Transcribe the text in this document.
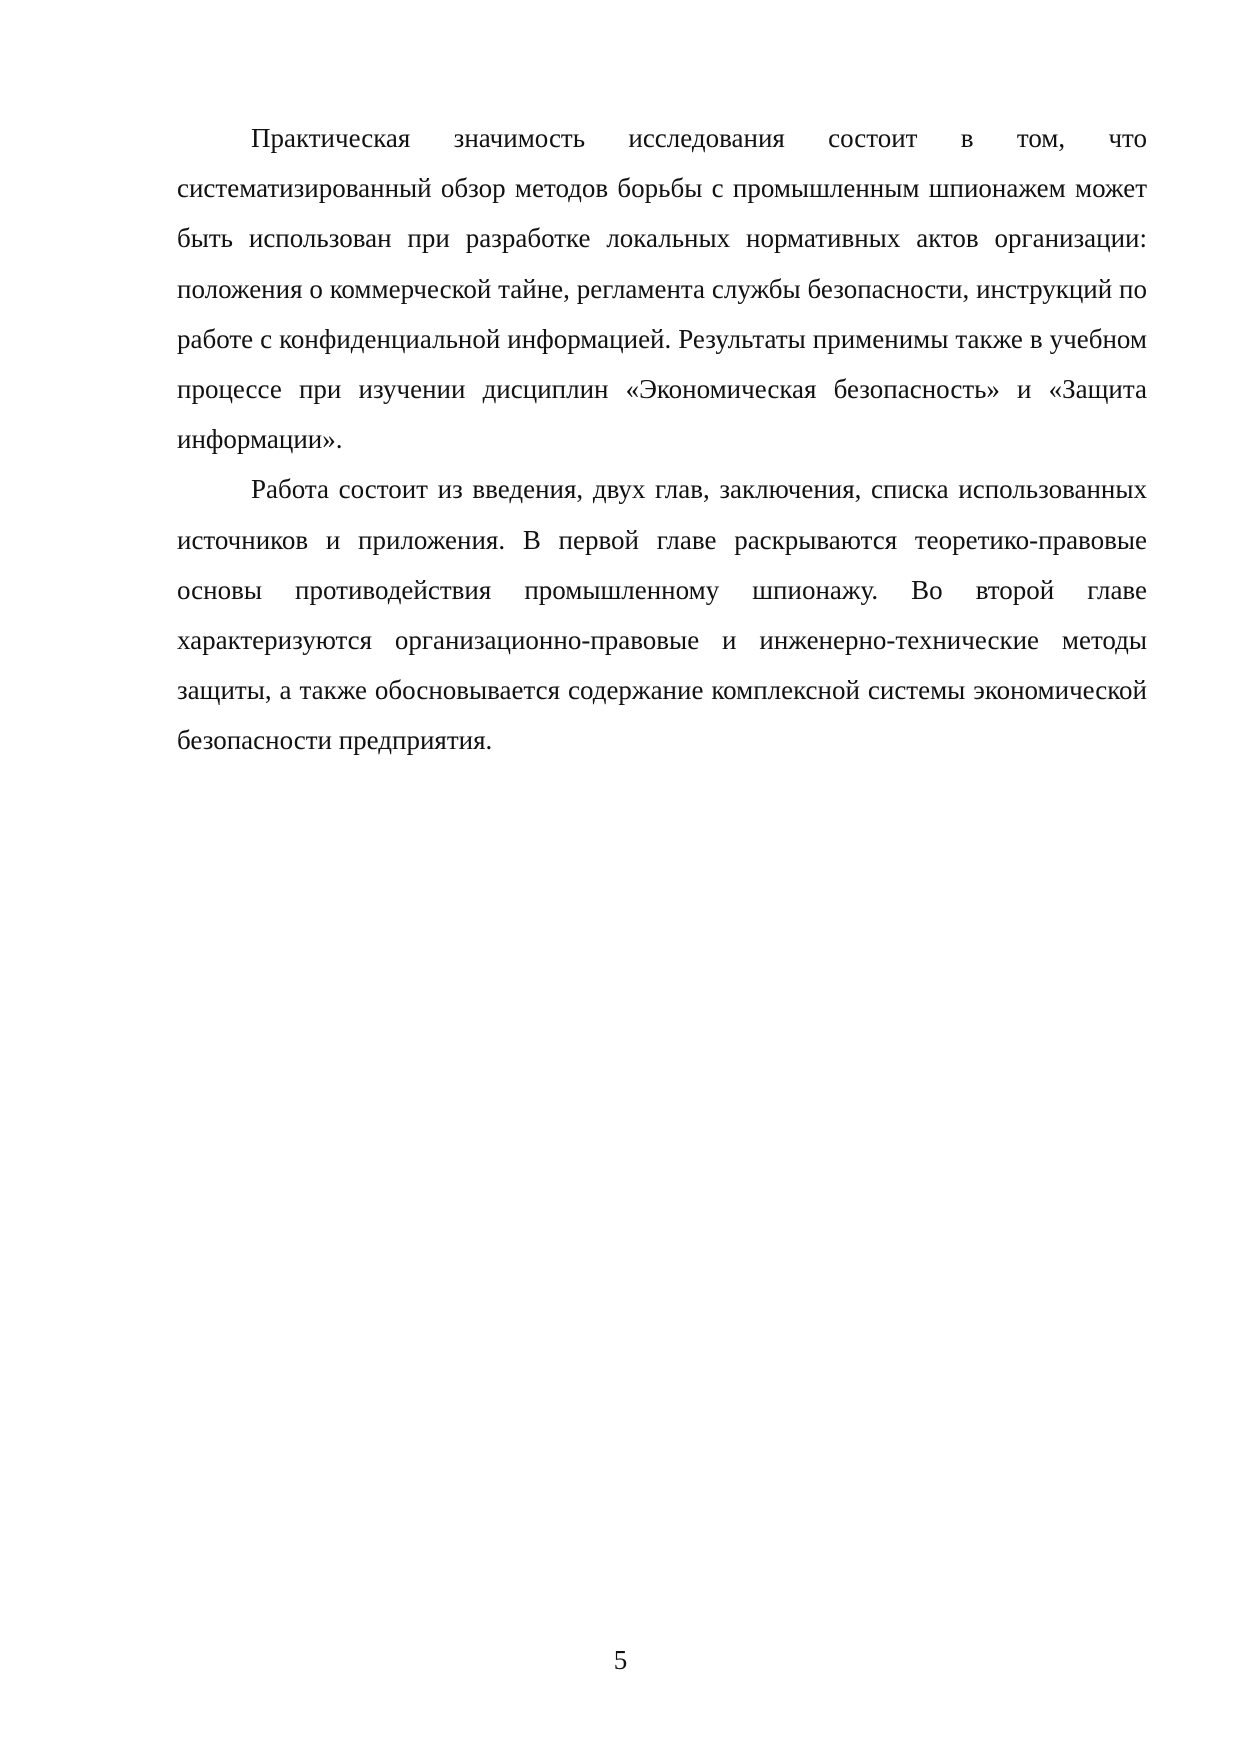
Практическая значимость исследования состоит в том, что систематизированный обзор методов борьбы с промышленным шпионажем может быть использован при разработке локальных нормативных актов организации: положения о коммерческой тайне, регламента службы безопасности, инструкций по работе с конфиденциальной информацией. Результаты применимы также в учебном процессе при изучении дисциплин «Экономическая безопасность» и «Защита информации».

Работа состоит из введения, двух глав, заключения, списка использованных источников и приложения. В первой главе раскрываются теоретико-правовые основы противодействия промышленному шпионажу. Во второй главе характеризуются организационно-правовые и инженерно-технические методы защиты, а также обосновывается содержание комплексной системы экономической безопасности предприятия.

5
